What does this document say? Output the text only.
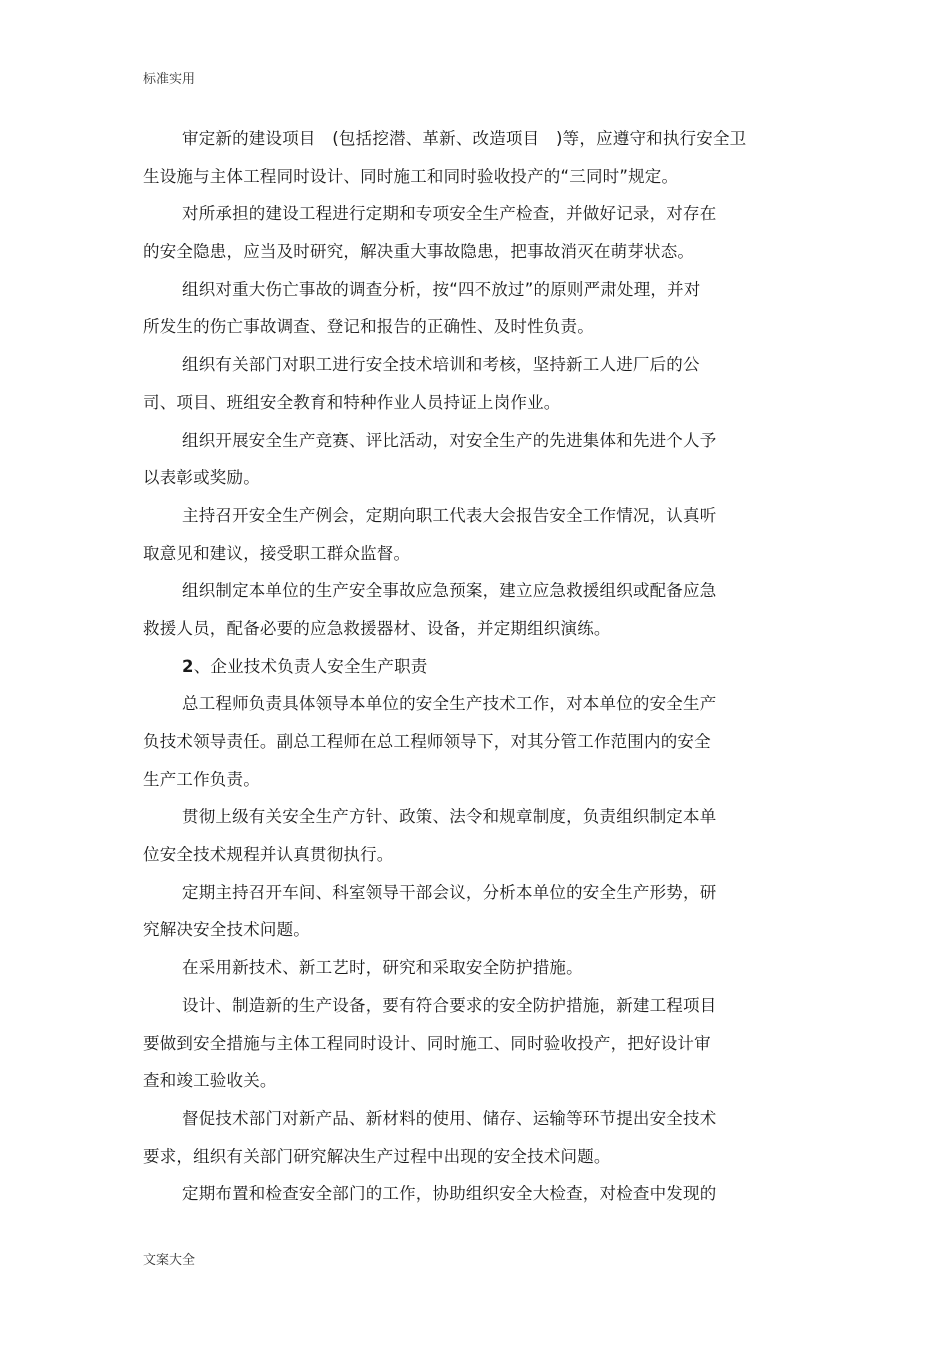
标准实用
审定新的建设项目　(包括挖潜、革新、改造项目　)等，应遵守和执行安全卫
生设施与主体工程同时设计、同时施工和同时验收投产的“三同时”规定。
对所承担的建设工程进行定期和专项安全生产检查，并做好记录，对存在
的安全隐患，应当及时研究，解决重大事故隐患，把事故消灭在萌芽状态。
组织对重大伤亡事故的调查分析，按“四不放过”的原则严肃处理，并对
所发生的伤亡事故调查、登记和报告的正确性、及时性负责。
组织有关部门对职工进行安全技术培训和考核，坚持新工人进厂后的公
司、项目、班组安全教育和特种作业人员持证上岗作业。
组织开展安全生产竞赛、评比活动，对安全生产的先进集体和先进个人予
以表彰或奖励。
主持召开安全生产例会，定期向职工代表大会报告安全工作情况，认真听
取意见和建议，接受职工群众监督。
组织制定本单位的生产安全事故应急预案，建立应急救援组织或配备应急
救援人员，配备必要的应急救援器材、设备，并定期组织演练。
2、企业技术负责人安全生产职责
总工程师负责具体领导本单位的安全生产技术工作，对本单位的安全生产
负技术领导责任。副总工程师在总工程师领导下，对其分管工作范围内的安全
生产工作负责。
贯彻上级有关安全生产方针、政策、法令和规章制度，负责组织制定本单
位安全技术规程并认真贯彻执行。
定期主持召开车间、科室领导干部会议，分析本单位的安全生产形势，研
究解决安全技术问题。
在采用新技术、新工艺时，研究和采取安全防护措施。
设计、制造新的生产设备，要有符合要求的安全防护措施，新建工程项目
要做到安全措施与主体工程同时设计、同时施工、同时验收投产，把好设计审
查和竣工验收关。
督促技术部门对新产品、新材料的使用、储存、运输等环节提出安全技术
要求，组织有关部门研究解决生产过程中出现的安全技术问题。
定期布置和检查安全部门的工作，协助组织安全大检查，对检查中发现的
文案大全
